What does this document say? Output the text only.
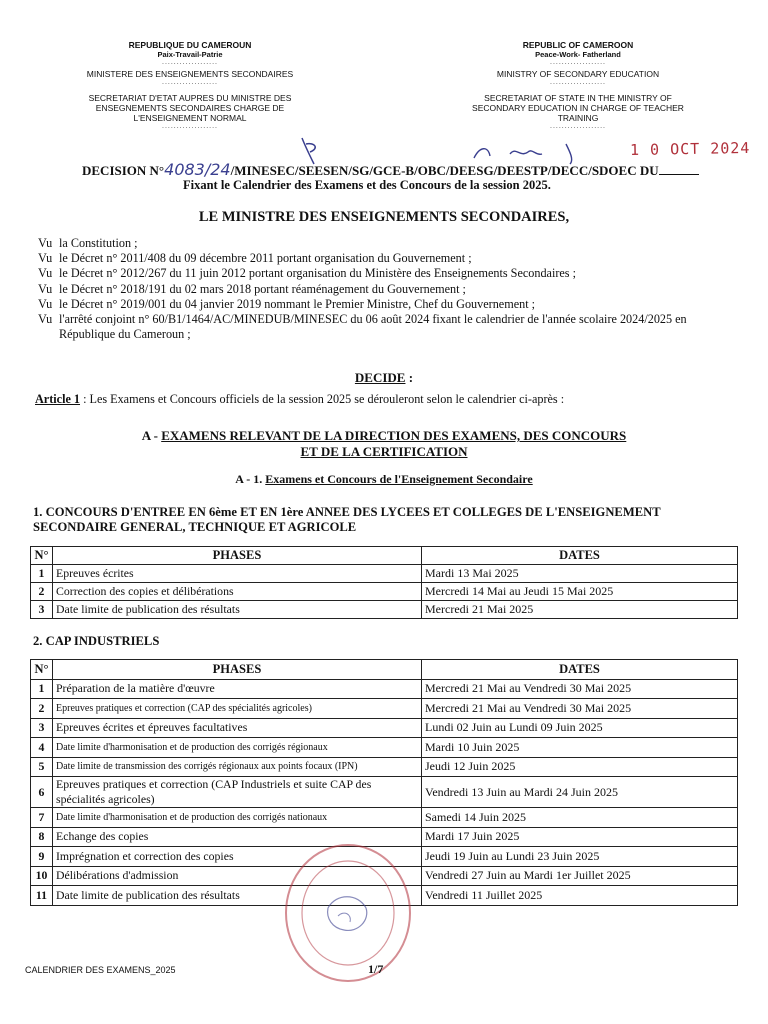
REPUBLIQUE DU CAMEROUN
Paix-Travail-Patrie
...................
MINISTERE DES ENSEIGNEMENTS SECONDAIRES
...................
SECRETARIAT D'ETAT AUPRES DU MINISTRE DES ENSEGNEMENTS SECONDAIRES CHARGE DE L'ENSEIGNEMENT NORMAL
...................
REPUBLIC OF CAMEROON
Peace-Work- Fatherland
...................
MINISTRY OF SECONDARY EDUCATION
...................
SECRETARIAT OF STATE IN THE MINISTRY OF SECONDARY EDUCATION IN CHARGE OF TEACHER TRAINING
...................
1 0 OCT 2024
DECISION N°4083/24/MINESEC/SEESEN/SG/GCE-B/OBC/DEESG/DEESTP/DECC/SDOEC DU
Fixant le Calendrier des Examens et des Concours de la session 2025.
LE MINISTRE DES ENSEIGNEMENTS SECONDAIRES,
Vu la Constitution ;
Vu le Décret n° 2011/408 du 09 décembre 2011 portant organisation du Gouvernement ;
Vu le Décret n° 2012/267 du 11 juin 2012 portant organisation du Ministère des Enseignements Secondaires ;
Vu le Décret n° 2018/191 du 02 mars 2018 portant réaménagement du Gouvernement ;
Vu le Décret n° 2019/001 du 04 janvier 2019 nommant le Premier Ministre, Chef du Gouvernement ;
Vu l'arrêté conjoint n° 60/B1/1464/AC/MINEDUB/MINESEC du 06 août 2024 fixant le calendrier de l'année scolaire 2024/2025 en République du Cameroun ;
DECIDE :
Article 1 : Les Examens et Concours officiels de la session 2025 se dérouleront selon le calendrier ci-après :
A - EXAMENS RELEVANT DE LA DIRECTION DES EXAMENS, DES CONCOURS
ET DE LA CERTIFICATION
A - 1. Examens et Concours de l'Enseignement Secondaire
1. CONCOURS D'ENTREE EN 6ème ET EN 1ère ANNEE DES LYCEES ET COLLEGES DE L'ENSEIGNEMENT SECONDAIRE GENERAL, TECHNIQUE ET AGRICOLE
N°	PHASES	DATES
1	Epreuves écrites	Mardi 13 Mai 2025
2	Correction des copies et délibérations	Mercredi 14 Mai au Jeudi 15 Mai 2025
3	Date limite de publication des résultats	Mercredi 21 Mai 2025
2. CAP INDUSTRIELS
N°	PHASES	DATES
1	Préparation de la matière d'œuvre	Mercredi 21 Mai au Vendredi 30 Mai 2025
2	Epreuves pratiques et correction (CAP des spécialités agricoles)	Mercredi 21 Mai au Vendredi 30 Mai 2025
3	Epreuves écrites et épreuves facultatives	Lundi 02 Juin au Lundi 09 Juin 2025
4	Date limite d'harmonisation et de production des corrigés régionaux	Mardi 10 Juin 2025
5	Date limite de transmission des corrigés régionaux aux points focaux (IPN)	Jeudi 12 Juin 2025
6	Epreuves pratiques et correction (CAP Industriels et suite CAP des spécialités agricoles)	Vendredi 13 Juin au Mardi 24 Juin 2025
7	Date limite d'harmonisation et de production des corrigés nationaux	Samedi 14 Juin 2025
8	Echange des copies	Mardi 17 Juin 2025
9	Imprégnation et correction des copies	Jeudi 19 Juin au Lundi 23 Juin 2025
10	Délibérations d'admission	Vendredi 27 Juin au Mardi 1er Juillet 2025
11	Date limite de publication des résultats	Vendredi 11 Juillet 2025
CALENDRIER DES EXAMENS_2025	1/7
